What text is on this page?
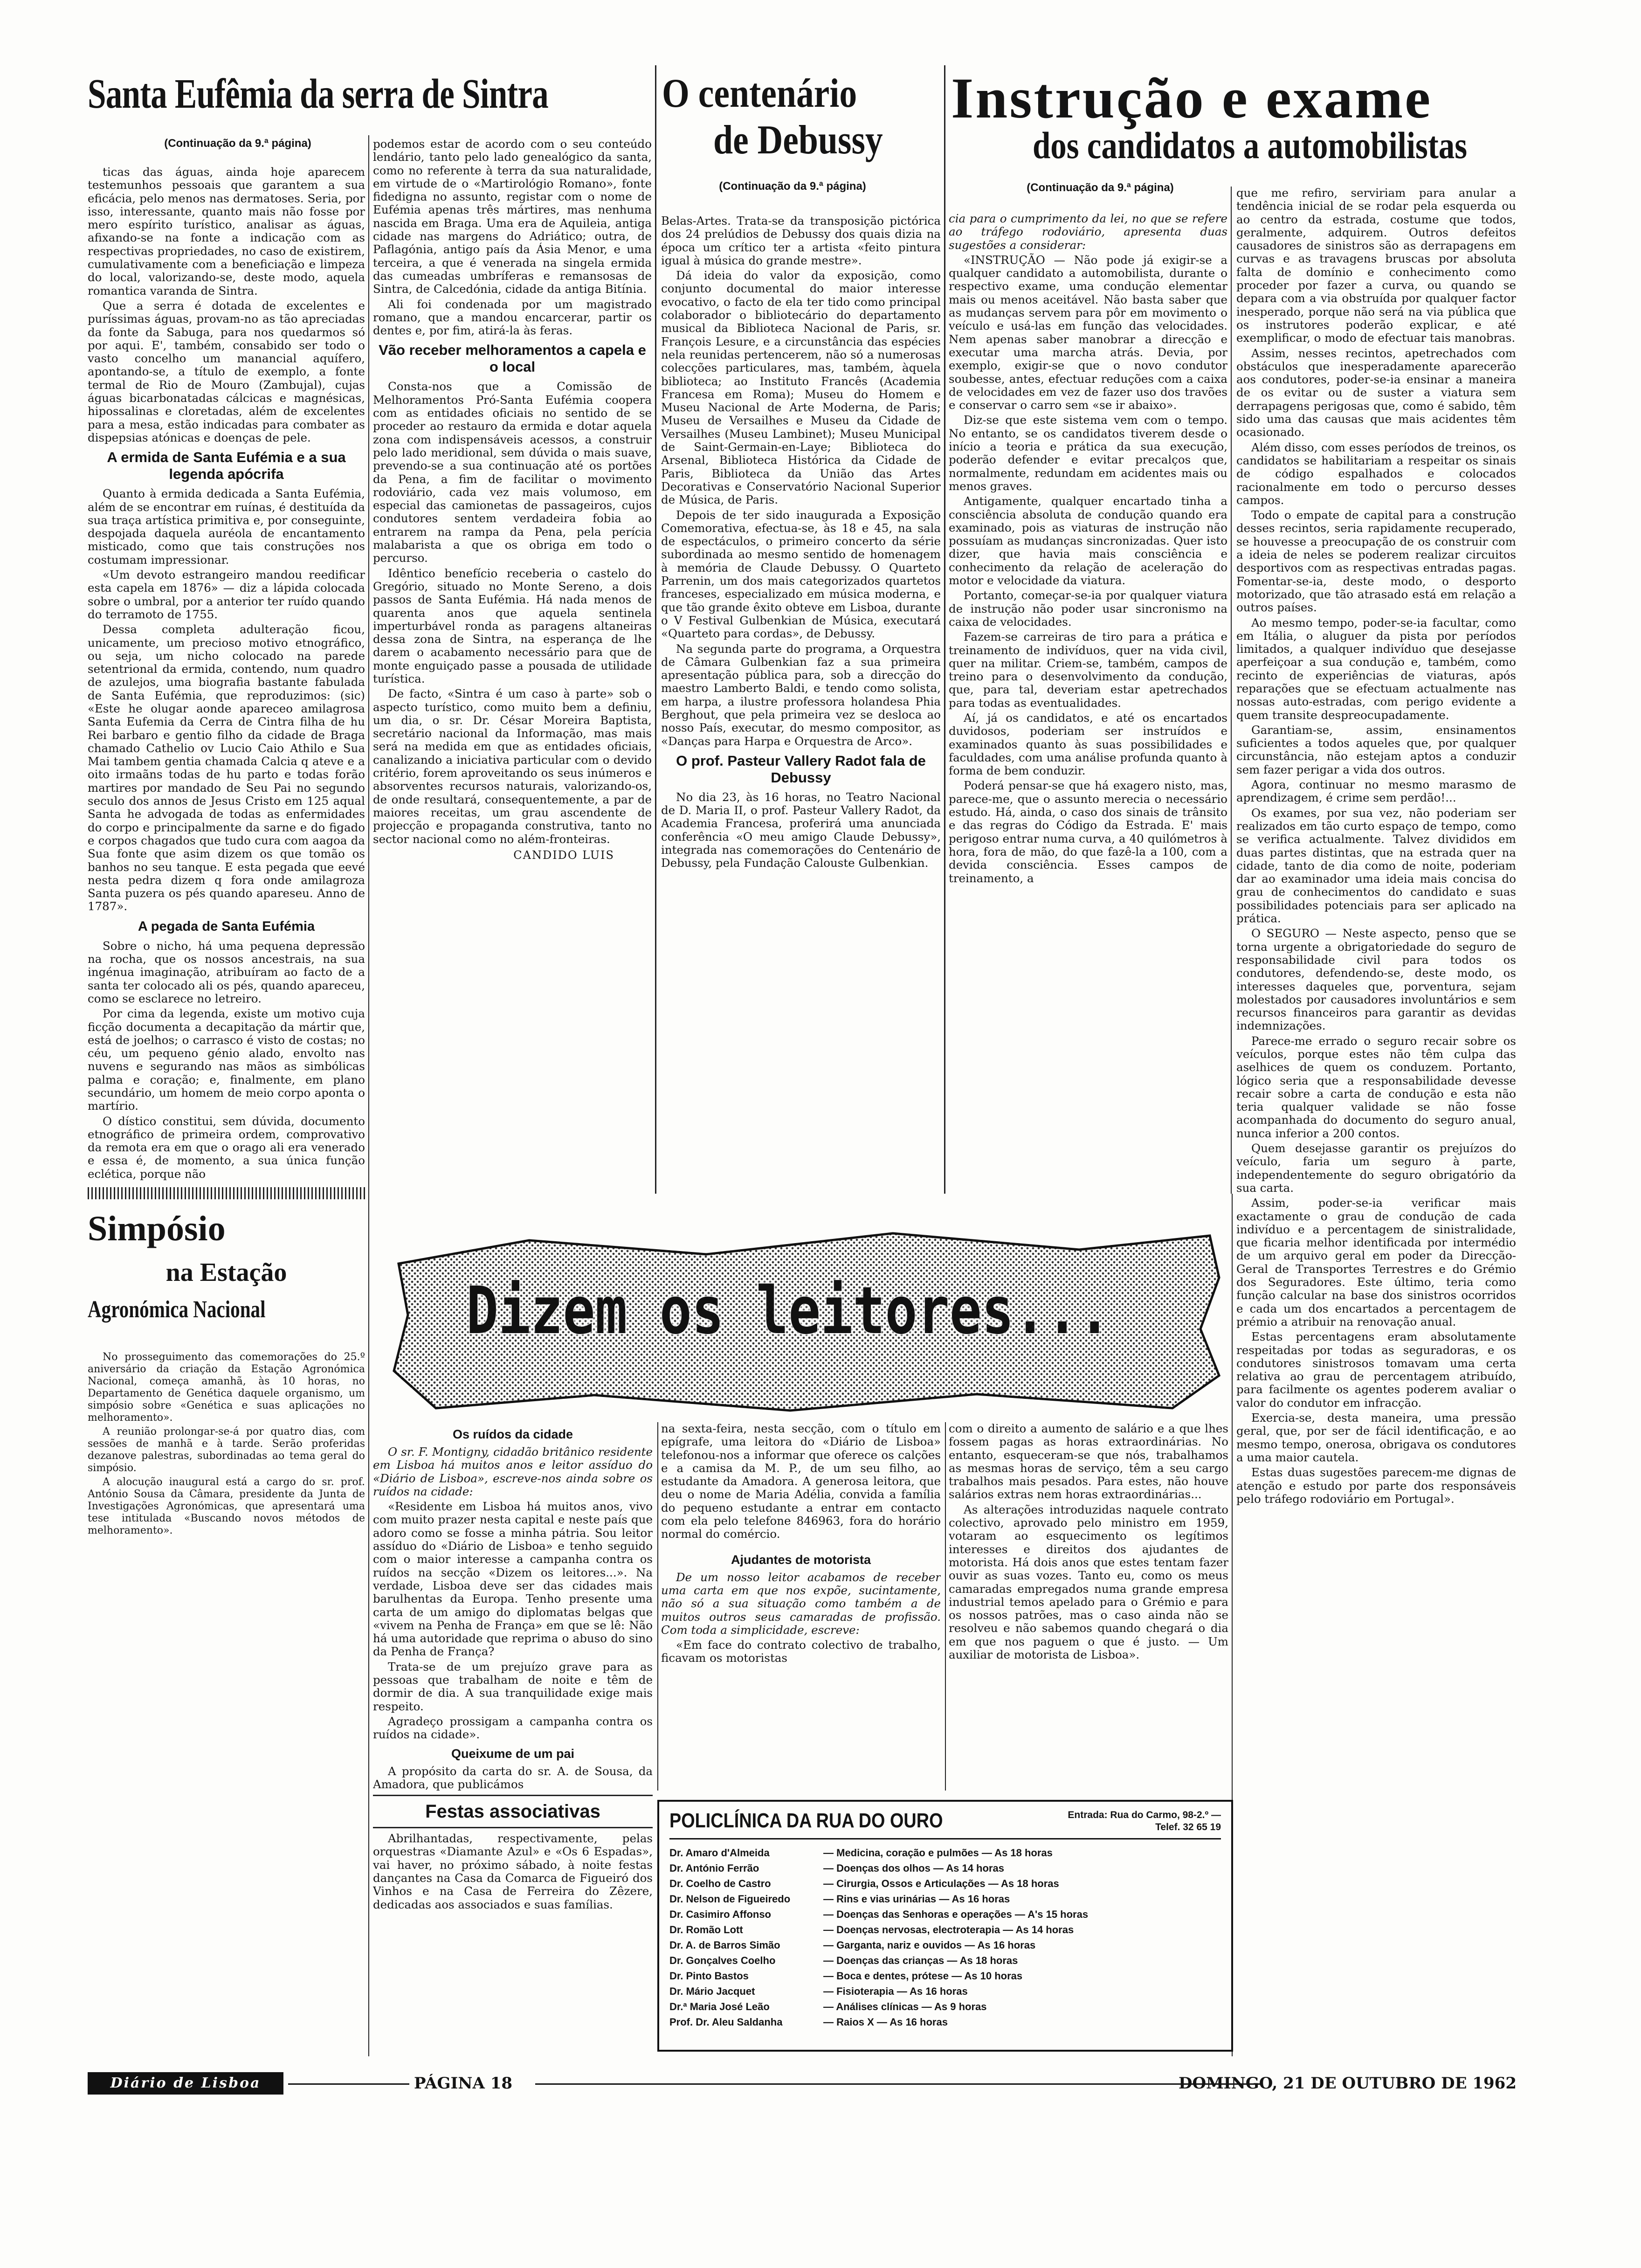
Santa Eufêmia da serra de Sintra
(Continuação da 9.ª página)
O centenário
de Debussy
(Continuação da 9.ª página)
Instrução e exame
dos candidatos a automobilistas
(Continuação da 9.ª página)

ticas das águas, ainda hoje aparecem testemunhos pessoais que garantem a sua eficácia, pelo menos nas dermatoses. Seria, por isso, interessante, quanto mais não fosse por mero espírito turístico, analisar as águas, afixando-se na fonte a indicação com as respectivas propriedades, no caso de existirem, cumulativamente com a beneficiação e limpeza do local, valorizando-se, deste modo, aquela romantica varanda de Sintra.

Que a serra é dotada de excelentes e puríssimas águas, provam-no as tão apreciadas da fonte da Sabuga, para nos quedarmos só por aqui. E', também, consabido ser todo o vasto concelho um manancial aquífero, apontando-se, a título de exemplo, a fonte termal de Rio de Mouro (Zambujal), cujas águas bicarbonatadas cálcicas e magnésicas, hipossalinas e cloretadas, além de excelentes para a mesa, estão indicadas para combater as dispepsias atónicas e doenças de pele.

A ermida de Santa Eufémia e a sua legenda apócrifa

Quanto à ermida dedicada a Santa Eufémia, além de se encontrar em ruínas, é destituída da sua traça artística primitiva e, por conseguinte, despojada daquela auréola de encantamento misticado, como que tais construções nos costumam impressionar.

«Um devoto estrangeiro mandou reedificar esta capela em 1876» — diz a lápida colocada sobre o umbral, por a anterior ter ruído quando do terramoto de 1755.

Dessa completa adulteração ficou, unicamente, um precioso motivo etnográfico, ou seja, um nicho colocado na parede setentrional da ermida, contendo, num quadro de azulejos, uma biografia bastante fabulada de Santa Eufémia, que reproduzimos: (sic) «Este he olugar aonde apareceo amilagrosa Santa Eufemia da Cerra de Cintra filha de hu Rei barbaro e gentio filho da cidade de Braga chamado Cathelio ov Lucio Caio Athilo e Sua Mai tambem gentia chamada Calcia q ateve e a oito irmaãns todas de hu parto e todas forão martires por mandado de Seu Pai no segundo seculo dos annos de Jesus Cristo em 125 aqual Santa he advogada de todas as enfermidades do corpo e principalmente da sarne e do figado e corpos chagados que tudo cura com aagoa da Sua fonte que asim dizem os que tomão os banhos no seu tanque. E esta pegada que eevé nesta pedra dizem q fora onde amilagroza Santa puzera os pés quando apareseu. Anno de 1787».

A pegada de Santa Eufémia

Sobre o nicho, há uma pequena depressão na rocha, que os nossos ancestrais, na sua ingénua imaginação, atribuíram ao facto de a santa ter colocado ali os pés, quando apareceu, como se esclarece no letreiro.

Por cima da legenda, existe um motivo cuja ficção documenta a decapitação da mártir que, está de joelhos; o carrasco é visto de costas; no céu, um pequeno génio alado, envolto nas nuvens e segurando nas mãos as simbólicas palma e coração; e, finalmente, em plano secundário, um homem de meio corpo aponta o martírio.

O dístico constitui, sem dúvida, documento etnográfico de primeira ordem, comprovativo da remota era em que o orago ali era venerado e essa é, de momento, a sua única função eclética, porque não

Simpósio
na Estação
Agronómica Nacional

No prosseguimento das comemorações do 25.º aniversário da criação da Estação Agronómica Nacional, começa amanhã, às 10 horas, no Departamento de Genética daquele organismo, um simpósio sobre «Genética e suas aplicações no melhoramento».

A reunião prolongar-se-á por quatro dias, com sessões de manhã e à tarde. Serão proferidas dezanove palestras, subordinadas ao tema geral do simpósio.

A alocução inaugural está a cargo do sr. prof. António Sousa da Câmara, presidente da Junta de Investigações Agronómicas, que apresentará uma tese intitulada «Buscando novos métodos de melhoramento».

podemos estar de acordo com o seu conteúdo lendário, tanto pelo lado genealógico da santa, como no referente à terra da sua naturalidade, em virtude de o «Martirológio Romano», fonte fidedigna no assunto, registar com o nome de Eufémia apenas três mártires, mas nenhuma nascida em Braga. Uma era de Aquileia, antiga cidade nas margens do Adriático; outra, de Paflagónia, antigo país da Ásia Menor, e uma terceira, a que é venerada na singela ermida das cumeadas umbríferas e remansosas de Sintra, de Calcedónia, cidade da antiga Bitínia.

Ali foi condenada por um magistrado romano, que a mandou encarcerar, partir os dentes e, por fim, atirá-la às feras.

Vão receber melhoramentos a capela e o local

Consta-nos que a Comissão de Melhoramentos Pró-Santa Eufémia coopera com as entidades oficiais no sentido de se proceder ao restauro da ermida e dotar aquela zona com indispensáveis acessos, a construir pelo lado meridional, sem dúvida o mais suave, prevendo-se a sua continuação até os portões da Pena, a fim de facilitar o movimento rodoviário, cada vez mais volumoso, em especial das camionetas de passageiros, cujos condutores sentem verdadeira fobia ao entrarem na rampa da Pena, pela perícia malabarista a que os obriga em todo o percurso.

Idêntico benefício receberia o castelo do Gregório, situado no Monte Sereno, a dois passos de Santa Eufémia. Há nada menos de quarenta anos que aquela sentinela imperturbável ronda as paragens altaneiras dessa zona de Sintra, na esperança de lhe darem o acabamento necessário para que de monte enguiçado passe a pousada de utilidade turística.

De facto, «Sintra é um caso à parte» sob o aspecto turístico, como muito bem a definiu, um dia, o sr. Dr. César Moreira Baptista, secretário nacional da Informação, mas mais será na medida em que as entidades oficiais, canalizando a iniciativa particular com o devido critério, forem aproveitando os seus inúmeros e absorventes recursos naturais, valorizando-os, de onde resultará, consequentemente, a par de maiores receitas, um grau ascendente de projecção e propaganda construtiva, tanto no sector nacional como no além-fronteiras.

CANDIDO LUIS

Belas-Artes. Trata-se da transposição pictórica dos 24 prelúdios de Debussy dos quais dizia na época um crítico ter a artista «feito pintura igual à música do grande mestre».

Dá ideia do valor da exposição, como conjunto documental do maior interesse evocativo, o facto de ela ter tido como principal colaborador o bibliotecário do departamento musical da Biblioteca Nacional de Paris, sr. François Lesure, e a circunstância das espécies nela reunidas pertencerem, não só a numerosas colecções particulares, mas, também, àquela biblioteca; ao Instituto Francês (Academia Francesa em Roma); Museu do Homem e Museu Nacional de Arte Moderna, de Paris; Museu de Versailhes e Museu da Cidade de Versailhes (Museu Lambinet); Museu Municipal de Saint-Germain-en-Laye; Biblioteca do Arsenal, Biblioteca Histórica da Cidade de Paris, Biblioteca da União das Artes Decorativas e Conservatório Nacional Superior de Música, de Paris.

Depois de ter sido inaugurada a Exposição Comemorativa, efectua-se, às 18 e 45, na sala de espectáculos, o primeiro concerto da série subordinada ao mesmo sentido de homenagem à memória de Claude Debussy. O Quarteto Parrenin, um dos mais categorizados quartetos franceses, especializado em música moderna, e que tão grande êxito obteve em Lisboa, durante o V Festival Gulbenkian de Música, executará «Quarteto para cordas», de Debussy.

Na segunda parte do programa, a Orquestra de Câmara Gulbenkian faz a sua primeira apresentação pública para, sob a direcção do maestro Lamberto Baldi, e tendo como solista, em harpa, a ilustre professora holandesa Phia Berghout, que pela primeira vez se desloca ao nosso País, executar, do mesmo compositor, as «Danças para Harpa e Orquestra de Arco».

O prof. Pasteur Vallery Radot fala de Debussy

No dia 23, às 16 horas, no Teatro Nacional de D. Maria II, o prof. Pasteur Vallery Radot, da Academia Francesa, proferirá uma anunciada conferência «O meu amigo Claude Debussy», integrada nas comemorações do Centenário de Debussy, pela Fundação Calouste Gulbenkian.

cia para o cumprimento da lei, no que se refere ao tráfego rodoviário, apresenta duas sugestões a considerar:

«INSTRUÇÃO — Não pode já exigir-se a qualquer candidato a automobilista, durante o respectivo exame, uma condução elementar mais ou menos aceitável. Não basta saber que as mudanças servem para pôr em movimento o veículo e usá-las em função das velocidades. Nem apenas saber manobrar a direcção e executar uma marcha atrás. Devia, por exemplo, exigir-se que o novo condutor soubesse, antes, efectuar reduções com a caixa de velocidades em vez de fazer uso dos travões e conservar o carro sem «se ir abaixo».

Diz-se que este sistema vem com o tempo. No entanto, se os candidatos tiverem desde o início a teoria e prática da sua execução, poderão defender e evitar precalços que, normalmente, redundam em acidentes mais ou menos graves.

Antigamente, qualquer encartado tinha a consciência absoluta de condução quando era examinado, pois as viaturas de instrução não possuíam as mudanças sincronizadas. Quer isto dizer, que havia mais consciência e conhecimento da relação de aceleração do motor e velocidade da viatura.

Portanto, começar-se-ia por qualquer viatura de instrução não poder usar sincronismo na caixa de velocidades.

Fazem-se carreiras de tiro para a prática e treinamento de indivíduos, quer na vida civil, quer na militar. Criem-se, também, campos de treino para o desenvolvimento da condução, que, para tal, deveriam estar apetrechados para todas as eventualidades.

Aí, já os candidatos, e até os encartados duvidosos, poderiam ser instruídos e examinados quanto às suas possibilidades e faculdades, com uma análise profunda quanto à forma de bem conduzir.

Poderá pensar-se que há exagero nisto, mas, parece-me, que o assunto merecia o necessário estudo. Há, ainda, o caso dos sinais de trânsito e das regras do Código da Estrada. E' mais perigoso entrar numa curva, a 40 quilómetros à hora, fora de mão, do que fazê-la a 100, com a devida consciência. Esses campos de treinamento, a

que me refiro, serviriam para anular a tendência inicial de se rodar pela esquerda ou ao centro da estrada, costume que todos, geralmente, adquirem. Outros defeitos causadores de sinistros são as derrapagens em curvas e as travagens bruscas por absoluta falta de domínio e conhecimento como proceder por fazer a curva, ou quando se depara com a via obstruída por qualquer factor inesperado, porque não será na via pública que os instrutores poderão explicar, e até exemplificar, o modo de efectuar tais manobras.

Assim, nesses recintos, apetrechados com obstáculos que inesperadamente aparecerão aos condutores, poder-se-ia ensinar a maneira de os evitar ou de suster a viatura sem derrapagens perigosas que, como é sabido, têm sido uma das causas que mais acidentes têm ocasionado.

Além disso, com esses períodos de treinos, os candidatos se habilitariam a respeitar os sinais de código espalhados e colocados racionalmente em todo o percurso desses campos.

Todo o empate de capital para a construção desses recintos, seria rapidamente recuperado, se houvesse a preocupação de os construir com a ideia de neles se poderem realizar circuitos desportivos com as respectivas entradas pagas. Fomentar-se-ia, deste modo, o desporto motorizado, que tão atrasado está em relação a outros países.

Ao mesmo tempo, poder-se-ia facultar, como em Itália, o aluguer da pista por períodos limitados, a qualquer indivíduo que desejasse aperfeiçoar a sua condução e, também, como recinto de experiências de viaturas, após reparações que se efectuam actualmente nas nossas auto-estradas, com perigo evidente a quem transite despreocupadamente.

Garantiam-se, assim, ensinamentos suficientes a todos aqueles que, por qualquer circunstância, não estejam aptos a conduzir sem fazer perigar a vida dos outros.

Agora, continuar no mesmo marasmo de aprendizagem, é crime sem perdão!...

Os exames, por sua vez, não poderiam ser realizados em tão curto espaço de tempo, como se verifica actualmente. Talvez divididos em duas partes distintas, que na estrada quer na cidade, tanto de dia como de noite, poderiam dar ao examinador uma ideia mais concisa do grau de conhecimentos do candidato e suas possibilidades potenciais para ser aplicado na prática.

O SEGURO — Neste aspecto, penso que se torna urgente a obrigatoriedade do seguro de responsabilidade civil para todos os condutores, defendendo-se, deste modo, os interesses daqueles que, porventura, sejam molestados por causadores involuntários e sem recursos financeiros para garantir as devidas indemnizações.

Parece-me errado o seguro recair sobre os veículos, porque estes não têm culpa das aselhices de quem os conduzem. Portanto, lógico seria que a responsabilidade devesse recair sobre a carta de condução e esta não teria qualquer validade se não fosse acompanhada do documento do seguro anual, nunca inferior a 200 contos.

Quem desejasse garantir os prejuízos do veículo, faria um seguro à parte, independentemente do seguro obrigatório da sua carta.

Assim, poder-se-ia verificar mais exactamente o grau de condução de cada indivíduo e a percentagem de sinistralidade, que ficaria melhor identificada por intermédio de um arquivo geral em poder da Direcção-Geral de Transportes Terrestres e do Grémio dos Seguradores. Este último, teria como função calcular na base dos sinistros ocorridos e cada um dos encartados a percentagem de prémio a atribuir na renovação anual.

Estas percentagens eram absolutamente respeitadas por todas as seguradoras, e os condutores sinistrosos tomavam uma certa relativa ao grau de percentagem atribuído, para facilmente os agentes poderem avaliar o valor do condutor em infracção.

Exercia-se, desta maneira, uma pressão geral, que, por ser de fácil identificação, e ao mesmo tempo, onerosa, obrigava os condutores a uma maior cautela.

Estas duas sugestões parecem-me dignas de atenção e estudo por parte dos responsáveis pelo tráfego rodoviário em Portugal».

Dizem os leitores...
Os ruídos da cidade

O sr. F. Montigny, cidadão britânico residente em Lisboa há muitos anos e leitor assíduo do «Diário de Lisboa», escreve-nos ainda sobre os ruídos na cidade:

«Residente em Lisboa há muitos anos, vivo com muito prazer nesta capital e neste país que adoro como se fosse a minha pátria. Sou leitor assíduo do «Diário de Lisboa» e tenho seguido com o maior interesse a campanha contra os ruídos na secção «Dizem os leitores...». Na verdade, Lisboa deve ser das cidades mais barulhentas da Europa. Tenho presente uma carta de um amigo do diplomatas belgas que «vivem na Penha de França» em que se lê: Não há uma autoridade que reprima o abuso do sino da Penha de França?

Trata-se de um prejuízo grave para as pessoas que trabalham de noite e têm de dormir de dia. A sua tranquilidade exige mais respeito.

Agradeço prossigam a campanha contra os ruídos na cidade».

Queixume de um pai

A propósito da carta do sr. A. de Sousa, da Amadora, que publicámos

Festas associativas

Abrilhantadas, respectivamente, pelas orquestras «Diamante Azul» e «Os 6 Espadas», vai haver, no próximo sábado, à noite festas dançantes na Casa da Comarca de Figueiró dos Vinhos e na Casa de Ferreira do Zêzere, dedicadas aos associados e suas famílias.

na sexta-feira, nesta secção, com o título em epígrafe, uma leitora do «Diário de Lisboa» telefonou-nos a informar que oferece os calções e a camisa da M. P., de um seu filho, ao estudante da Amadora. A generosa leitora, que deu o nome de Maria Adélia, convida a família do pequeno estudante a entrar em contacto com ela pelo telefone 846963, fora do horário normal do comércio.

Ajudantes de motorista

De um nosso leitor acabamos de receber uma carta em que nos expõe, sucintamente, não só a sua situação como também a de muitos outros seus camaradas de profissão. Com toda a simplicidade, escreve:

«Em face do contrato colectivo de trabalho, ficavam os motoristas

com o direito a aumento de salário e a que lhes fossem pagas as horas extraordinárias. No entanto, esqueceram-se que nós, trabalhamos as mesmas horas de serviço, têm a seu cargo trabalhos mais pesados. Para estes, não houve salários extras nem horas extraordinárias...

As alterações introduzidas naquele contrato colectivo, aprovado pelo ministro em 1959, votaram ao esquecimento os legítimos interesses e direitos dos ajudantes de motorista. Há dois anos que estes tentam fazer ouvir as suas vozes. Tanto eu, como os meus camaradas empregados numa grande empresa industrial temos apelado para o Grémio e para os nossos patrões, mas o caso ainda não se resolveu e não sabemos quando chegará o dia em que nos paguem o que é justo. — Um auxiliar de motorista de Lisboa».

POLICLÍNICA DA RUA DO OURO	Entrada: Rua do Carmo, 98-2.º — Telef. 32 65 19
Dr. Amaro d'Almeida	— Medicina, coração e pulmões — As 18 horas
Dr. António Ferrão	— Doenças dos olhos — As 14 horas
Dr. Coelho de Castro	— Cirurgia, Ossos e Articulações — As 18 horas
Dr. Nelson de Figueiredo	— Rins e vias urinárias — As 16 horas
Dr. Casimiro Affonso	— Doenças das Senhoras e operações — A's 15 horas
Dr. Romão Lott	— Doenças nervosas, electroterapia — As 14 horas
Dr. A. de Barros Simão	— Garganta, nariz e ouvidos — As 16 horas
Dr. Gonçalves Coelho	— Doenças das crianças — As 18 horas
Dr. Pinto Bastos	— Boca e dentes, prótese — As 10 horas
Dr. Mário Jacquet	— Fisioterapia — As 16 horas
Dr.ª Maria José Leão	— Análises clínicas — As 9 horas
Prof. Dr. Aleu Saldanha	— Raios X — As 16 horas
Diário de Lisboa	PÁGINA 18	DOMINGO, 21 DE OUTUBRO DE 1962
